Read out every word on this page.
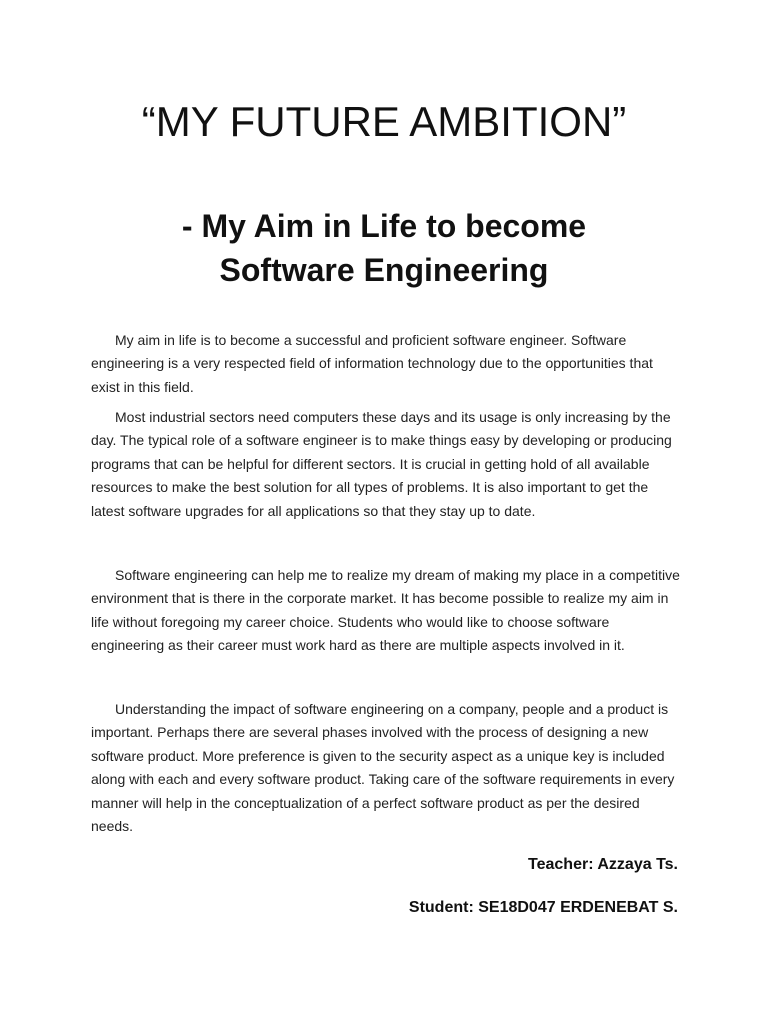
“MY FUTURE AMBITION”
- My Aim in Life to become
Software Engineering

My aim in life is to become a successful and proficient software engineer. Software engineering is a very respected field of information technology due to the opportunities that exist in this field.

Most industrial sectors need computers these days and its usage is only increasing by the day. The typical role of a software engineer is to make things easy by developing or producing programs that can be helpful for different sectors. It is crucial in getting hold of all available resources to make the best solution for all types of problems. It is also important to get the latest software upgrades for all applications so that they stay up to date.

Software engineering can help me to realize my dream of making my place in a competitive environment that is there in the corporate market. It has become possible to realize my aim in life without foregoing my career choice. Students who would like to choose software engineering as their career must work hard as there are multiple aspects involved in it.

Understanding the impact of software engineering on a company, people and a product is important. Perhaps there are several phases involved with the process of designing a new software product. More preference is given to the security aspect as a unique key is included along with each and every software product. Taking care of the software requirements in every manner will help in the conceptualization of a perfect software product as per the desired needs.

Teacher: Azzaya Ts.

Student: SE18D047 ERDENEBAT S.
